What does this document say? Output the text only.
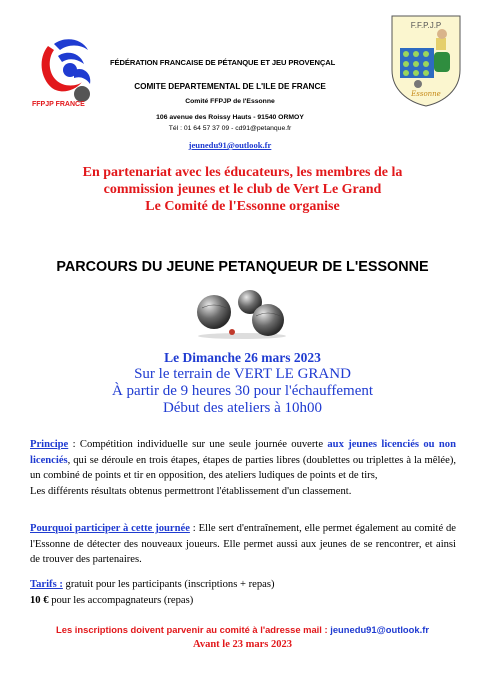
FFPJP FRANCE
F.F.P.J.P
Essonne
FÉDÉRATION FRANCAISE DE PÉTANQUE ET JEU PROVENÇAL
COMITE DEPARTEMENTAL DE L'ILE DE FRANCE
Comité FFPJP de l'Essonne
106 avenue des Roissy Hauts - 91540 ORMOY
Tél : 01 64 57 37 09 - cd91@petanque.fr
jeunedu91@outlook.fr
En partenariat avec les éducateurs, les membres de la
commission jeunes et le club de Vert Le Grand
Le Comité de l'Essonne organise
PARCOURS DU JEUNE PETANQUEUR DE L'ESSONNE
Le Dimanche 26 mars 2023
Sur le terrain de VERT LE GRAND
À partir de 9 heures 30 pour l'échauffement
Début des ateliers à 10h00
Principe : Compétition individuelle sur une seule journée ouverte aux jeunes licenciés ou non licenciés, qui se déroule en trois étapes, étapes de parties libres (doublettes ou triplettes à la mêlée), un combiné de points et tir en opposition, des ateliers ludiques de points et de tirs,
Les différents résultats obtenus permettront l'établissement d'un classement.
Pourquoi participer à cette journée : Elle sert d'entraînement, elle permet également au comité de l'Essonne de détecter des nouveaux joueurs. Elle permet aussi aux jeunes de se rencontrer, et ainsi de trouver des partenaires.
Tarifs : gratuit pour les participants (inscriptions + repas)
10 € pour les accompagnateurs (repas)
Les inscriptions doivent parvenir au comité à l'adresse mail : jeunedu91@outlook.fr
Avant le 23 mars 2023
